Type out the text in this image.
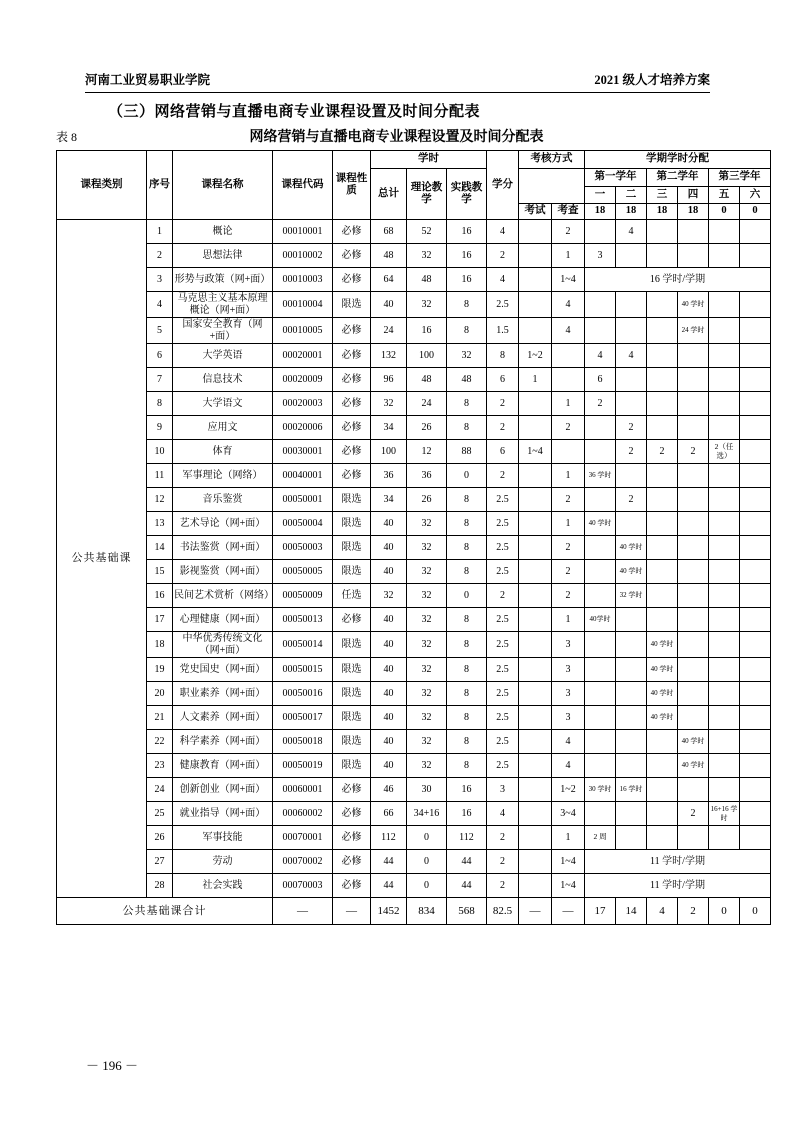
河南工业贸易职业学院	2021 级人才培养方案
（三）网络营销与直播电商专业课程设置及时间分配表
表 8	网络营销与直播电商专业课程设置及时间分配表
课程类别	序号	课程名称	课程代码	课程性质	学时			学分	考核方式		学期学时分配					
					总计	理论教学	实践教学				第一学年		第二学年		第三学年	
											一	二	三	四	五	六
									考试	考查	18	18	18	18	0	0
公共基础课	1	概论	00010001	必修	68	52	16	4		2		4				
	2	思想法律	00010002	必修	48	32	16	2		1	3					
	3	形势与政策（网+面）	00010003	必修	64	48	16	4		1~4	16 学时/学期					
	4	马克思主义基本原理概论（网+面）	00010004	限选	40	32	8	2.5		4				40 学时		
	5	国家安全教育（网+面）	00010005	必修	24	16	8	1.5		4				24 学时		
	6	大学英语	00020001	必修	132	100	32	8	1~2		4	4				
	7	信息技术	00020009	必修	96	48	48	6	1		6					
	8	大学语文	00020003	必修	32	24	8	2		1	2					
	9	应用文	00020006	必修	34	26	8	2		2		2				
	10	体育	00030001	必修	100	12	88	6	1~4			2	2	2	2（任选）	
	11	军事理论（网络）	00040001	必修	36	36	0	2		1	36 学时					
	12	音乐鉴赏	00050001	限选	34	26	8	2.5		2		2				
	13	艺术导论（网+面）	00050004	限选	40	32	8	2.5		1	40 学时					
	14	书法鉴赏（网+面）	00050003	限选	40	32	8	2.5		2		40 学时				
	15	影视鉴赏（网+面）	00050005	限选	40	32	8	2.5		2		40 学时				
	16	民间艺术赏析（网络）	00050009	任选	32	32	0	2		2		32 学时				
	17	心理健康（网+面）	00050013	必修	40	32	8	2.5		1	40学时					
	18	中华优秀传统文化（网+面）	00050014	限选	40	32	8	2.5		3			40 学时			
	19	党史国史（网+面）	00050015	限选	40	32	8	2.5		3			40 学时			
	20	职业素养（网+面）	00050016	限选	40	32	8	2.5		3			40 学时			
	21	人文素养（网+面）	00050017	限选	40	32	8	2.5		3			40 学时			
	22	科学素养（网+面）	00050018	限选	40	32	8	2.5		4				40 学时		
	23	健康教育（网+面）	00050019	限选	40	32	8	2.5		4				40 学时		
	24	创新创业（网+面）	00060001	必修	46	30	16	3		1~2	30 学时	16 学时				
	25	就业指导（网+面）	00060002	必修	66	34+16	16	4		3~4				2	16+16 学时	
	26	军事技能	00070001	必修	112	0	112	2		1	2 周					
	27	劳动	00070002	必修	44	0	44	2		1~4	11 学时/学期					
	28	社会实践	00070003	必修	44	0	44	2		1~4	11 学时/学期					
公共基础课合计			—	—	1452	834	568	82.5	—	—	17	14	4	2	0	0
－ 196 －
